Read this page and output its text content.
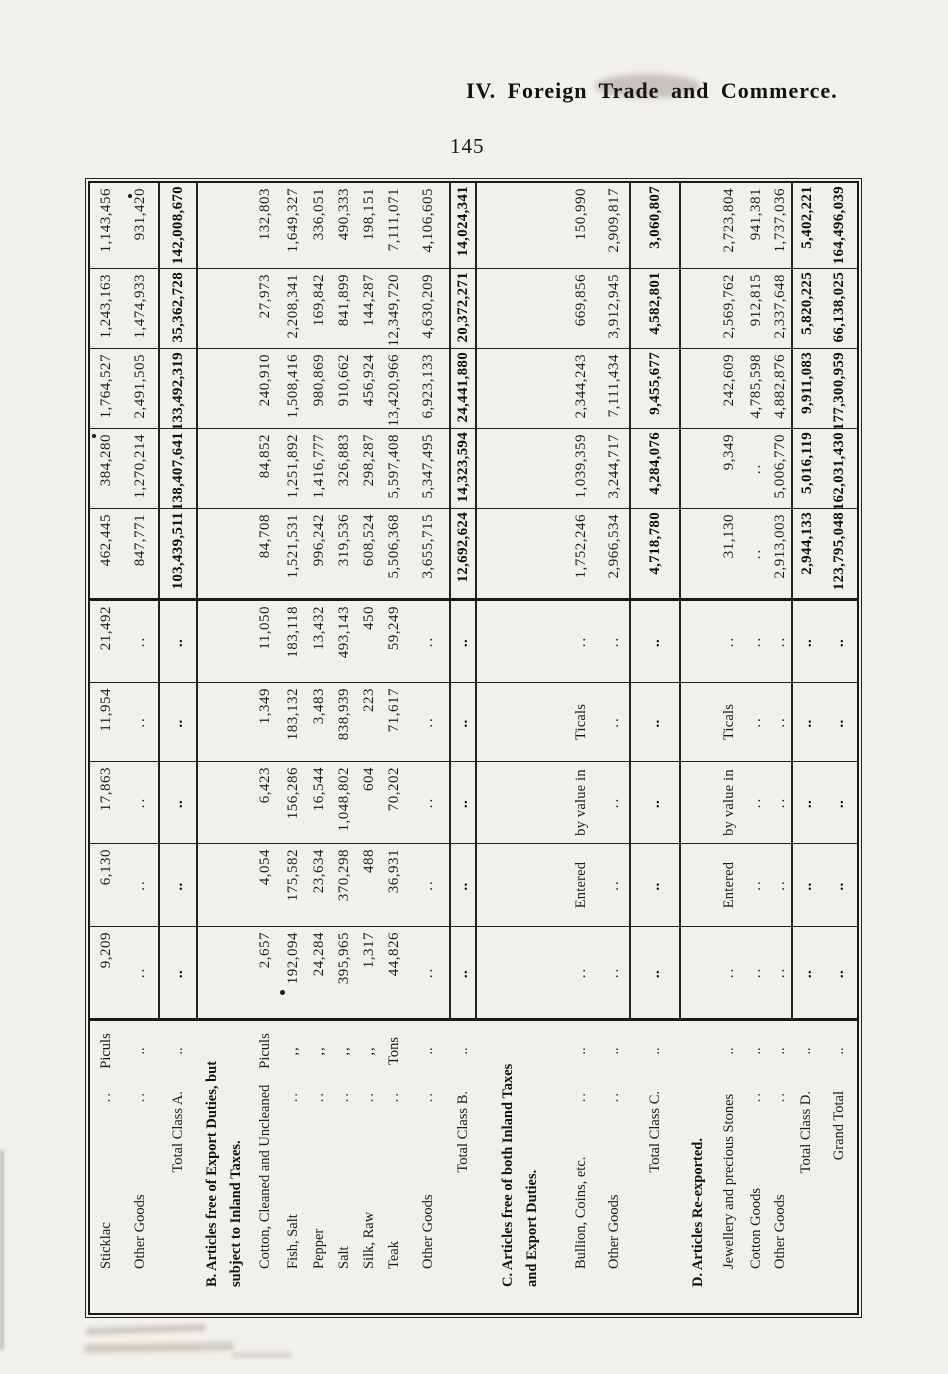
IV. Foreign Trade and Commerce.
145
Sticklac
..
Piculs
9,209
6,130
17,863
11,954
21,492
462,445
384,280
1,764,527
1,243,163
1,143,456
Other Goods
..
..
..
..
..
..
..
847,771
1,270,214
2,491,505
1,474,933
931,420
Total Class A.
..
..
..
..
..
..
103,439,511
138,407,641
133,492,319
35,362,728
142,008,670
B. Articles free of Export Duties, but subject to Inland Taxes. Cotton, Cleaned and Uncleaned
Piculs
2,657
4,054
6,423
1,349
11,050
84,708
84,852
240,910
27,973
132,803
Fish, Salt
..
,,
192,094
175,582
156,286
183,132
183,118
1,521,531
1,251,892
1,508,416
2,208,341
1,649,327
Pepper
..
,,
24,284
23,634
16,544
3,483
13,432
996,242
1,416,777
980,869
169,842
336,051
Salt
..
,,
395,965
370,298
1,048,802
838,939
493,143
319,536
326,883
910,662
841,899
490,333
Silk, Raw
..
,,
1,317
488
604
223
450
608,524
298,287
456,924
144,287
198,151
Teak
..
Tons
44,826
36,931
70,202
71,617
59,249
5,506,368
5,597,408
13,420,966
12,349,720
7,111,071
Other Goods
..
..
..
..
..
..
..
3,655,715
5,347,495
6,923,133
4,630,209
4,106,605
Total Class B.
..
..
..
..
..
..
12,692,624
14,323,594
24,441,880
20,372,271
14,024,341
C. Articles free of both Inland Taxes and Export Duties. Bullion, Coins, etc.
..
..
..
Entered
by value in
Ticals
..
1,752,246
1,039,359
2,344,243
669,856
150,990
Other Goods
..
..
..
..
..
..
..
2,966,534
3,244,717
7,111,434
3,912,945
2,909,817
Total Class C.
..
..
..
..
..
..
4,718,780
4,284,076
9,455,677
4,582,801
3,060,807
D. Articles Re-exported. Jewellery and precious Stones
..
..
Entered
by value in
Ticals
..
31,130
9,349
242,609
2,569,762
2,723,804
Cotton Goods
..
..
..
..
..
..
..
..
..
4,785,598
912,815
941,381
Other Goods
..
..
..
..
..
..
..
2,913,003
5,006,770
4,882,876
2,337,648
1,737,036
Total Class D.
..
..
..
..
..
..
2,944,133
5,016,119
9,911,083
5,820,225
5,402,221
Grand Total
..
..
..
..
..
..
123,795,048
162,031,430
177,300,959
66,138,025
164,496,039
